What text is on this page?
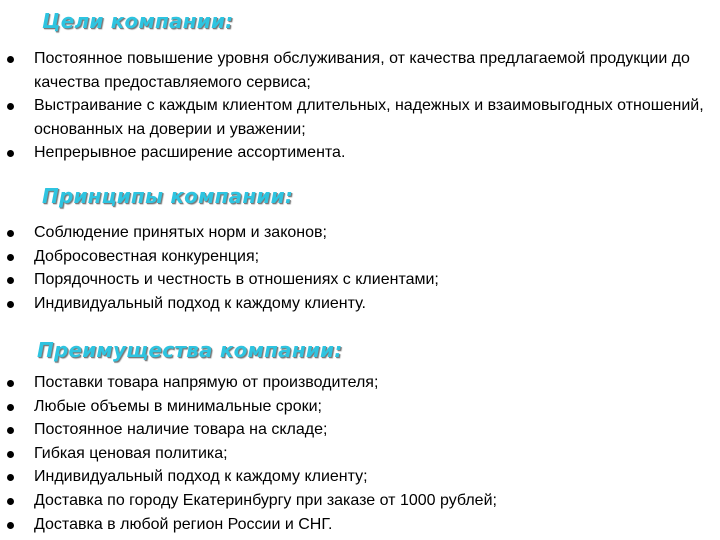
Цели компании:
Постоянное повышение уровня обслуживания, от качества предлагаемой продукции до качества предоставляемого сервиса;
Выстраивание с каждым клиентом длительных, надежных и взаимовыгодных отношений, основанных на доверии и уважении;
Непрерывное расширение ассортимента.
Принципы компании:
Соблюдение принятых норм и законов;
Добросовестная конкуренция;
Порядочность и честность в отношениях с клиентами;
Индивидуальный подход к каждому клиенту.
Преимущества компании:
Поставки товара напрямую от производителя;
Любые объемы в минимальные сроки;
Постоянное наличие товара на складе;
Гибкая ценовая политика;
Индивидуальный подход к каждому клиенту;
Доставка по городу Екатеринбургу при заказе от 1000 рублей;
Доставка в любой регион России и СНГ.
